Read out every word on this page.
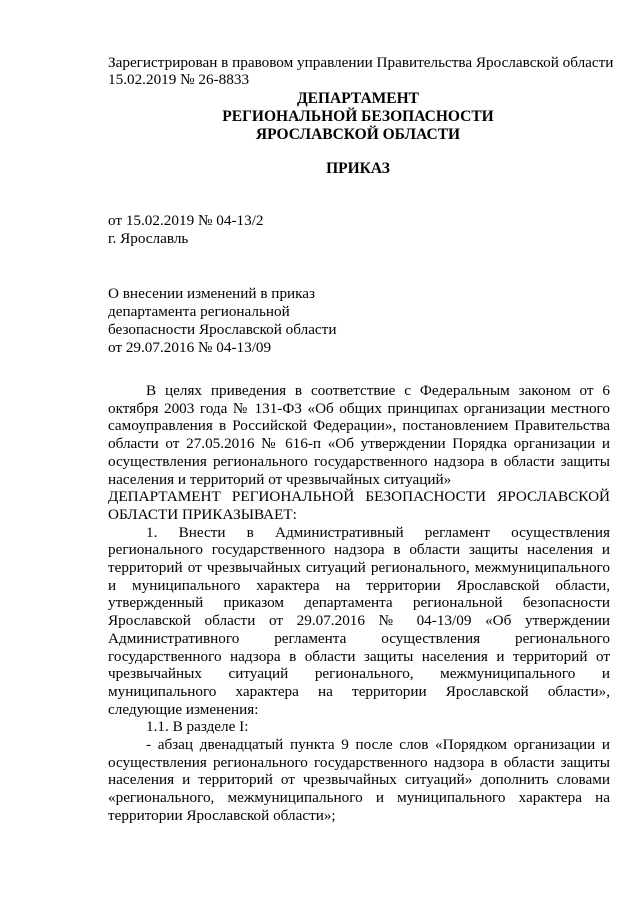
Зарегистрирован в правовом управлении Правительства Ярославской области
15.02.2019 № 26-8833
ДЕПАРТАМЕНТ
РЕГИОНАЛЬНОЙ БЕЗОПАСНОСТИ
ЯРОСЛАВСКОЙ ОБЛАСТИ
ПРИКАЗ
от 15.02.2019 № 04-13/2
г. Ярославль
О внесении изменений в приказ
департамента региональной
безопасности Ярославской области
от 29.07.2016 № 04-13/09

В целях приведения в соответствие с Федеральным законом от 6 октября 2003 года № 131-ФЗ «Об общих принципах организации местного самоуправления в Российской Федерации», постановлением Правительства области от 27.05.2016 № 616-п «Об утверждении Порядка организации и осуществления регионального государственного надзора в области защиты населения и территорий от чрезвычайных ситуаций»

ДЕПАРТАМЕНТ РЕГИОНАЛЬНОЙ БЕЗОПАСНОСТИ ЯРОСЛАВСКОЙ ОБЛАСТИ ПРИКАЗЫВАЕТ:

1. Внести в Административный регламент осуществления регионального государственного надзора в области защиты населения и территорий от чрезвычайных ситуаций регионального, межмуниципального и муниципального характера на территории Ярославской области, утвержденный приказом департамента региональной безопасности Ярославской области от 29.07.2016 № 04-13/09 «Об утверждении Административного регламента осуществления регионального государственного надзора в области защиты населения и территорий от чрезвычайных ситуаций регионального, межмуниципального и муниципального характера на территории Ярославской области», следующие изменения:

1.1. В разделе I:

- абзац двенадцатый пункта 9 после слов «Порядком организации и осуществления регионального государственного надзора в области защиты населения и территорий от чрезвычайных ситуаций» дополнить словами «регионального, межмуниципального и муниципального характера на территории Ярославской области»;
